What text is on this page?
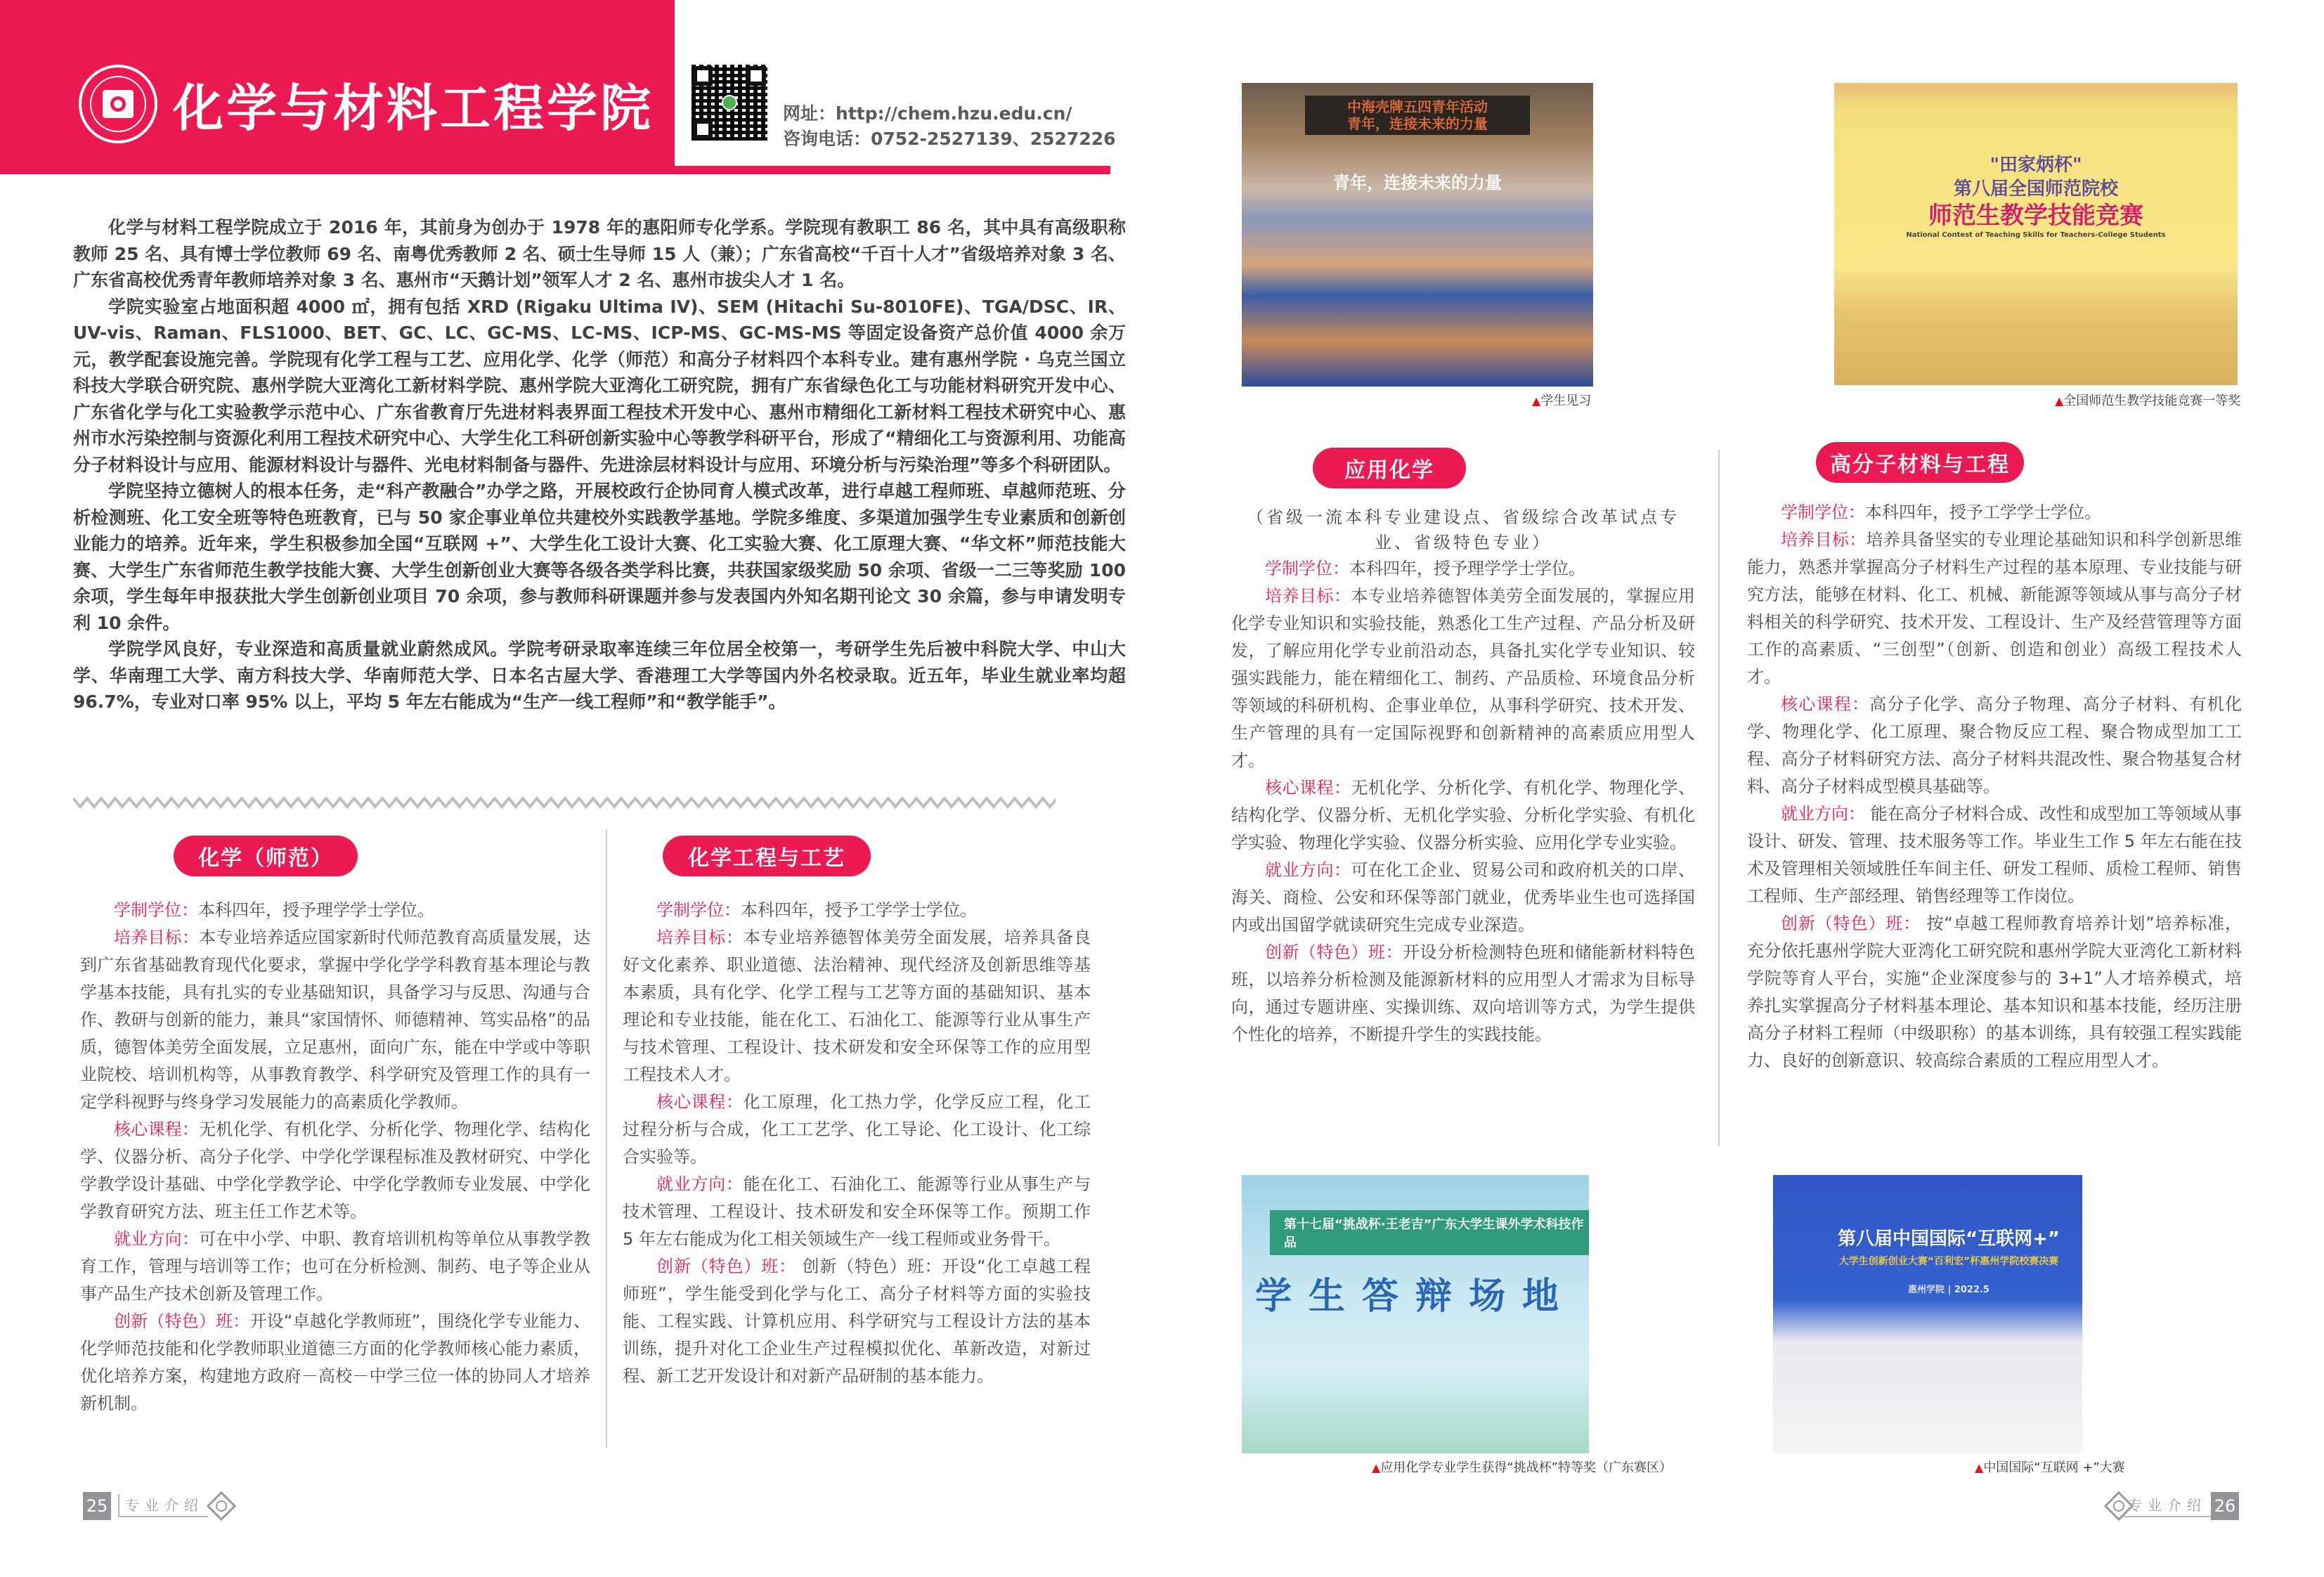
化学与材料工程学院	网址：http://chem.hzu.edu.cn/
咨询电话：0752-2527139、2527226

化学与材料工程学院成立于 2016 年，其前身为创办于 1978 年的惠阳师专化学系。学院现有教职工 86 名，其中具有高级职称教师 25 名、具有博士学位教师 69 名、南粤优秀教师 2 名、硕士生导师 15 人（兼）；广东省高校“千百十人才”省级培养对象 3 名、广东省高校优秀青年教师培养对象 3 名、惠州市“天鹅计划”领军人才 2 名、惠州市拔尖人才 1 名。

学院实验室占地面积超 4000 ㎡，拥有包括 XRD (Rigaku Ultima IV)、SEM (Hitachi Su-8010FE)、TGA/DSC、IR、UV-vis、Raman、FLS1000、BET、GC、LC、GC-MS、LC-MS、ICP-MS、GC-MS-MS 等固定设备资产总价值 4000 余万元，教学配套设施完善。学院现有化学工程与工艺、应用化学、化学（师范）和高分子材料四个本科专业。建有惠州学院 · 乌克兰国立科技大学联合研究院、惠州学院大亚湾化工新材料学院、惠州学院大亚湾化工研究院，拥有广东省绿色化工与功能材料研究开发中心、广东省化学与化工实验教学示范中心、广东省教育厅先进材料表界面工程技术开发中心、惠州市精细化工新材料工程技术研究中心、惠州市水污染控制与资源化利用工程技术研究中心、大学生化工科研创新实验中心等教学科研平台，形成了“精细化工与资源利用、功能高分子材料设计与应用、能源材料设计与器件、光电材料制备与器件、先进涂层材料设计与应用、环境分析与污染治理”等多个科研团队。

学院坚持立德树人的根本任务，走“科产教融合”办学之路，开展校政行企协同育人模式改革，进行卓越工程师班、卓越师范班、分析检测班、化工安全班等特色班教育，已与 50 家企事业单位共建校外实践教学基地。学院多维度、多渠道加强学生专业素质和创新创业能力的培养。近年来，学生积极参加全国“互联网 +”、大学生化工设计大赛、化工实验大赛、化工原理大赛、“华文杯”师范技能大赛、大学生广东省师范生教学技能大赛、大学生创新创业大赛等各级各类学科比赛，共获国家级奖励 50 余项、省级一二三等奖励 100 余项，学生每年申报获批大学生创新创业项目 70 余项，参与教师科研课题并参与发表国内外知名期刊论文 30 余篇，参与申请发明专利 10 余件。

学院学风良好，专业深造和高质量就业蔚然成风。学院考研录取率连续三年位居全校第一，考研学生先后被中科院大学、中山大学、华南理工大学、南方科技大学、华南师范大学、日本名古屋大学、香港理工大学等国内外名校录取。近五年，毕业生就业率均超 96.7%，专业对口率 95% 以上，平均 5 年左右能成为“生产一线工程师”和“教学能手”。

化学（师范）

学制学位：本科四年，授予理学学士学位。

培养目标：本专业培养适应国家新时代师范教育高质量发展，达到广东省基础教育现代化要求，掌握中学化学学科教育基本理论与教学基本技能，具有扎实的专业基础知识，具备学习与反思、沟通与合作、教研与创新的能力，兼具“家国情怀、师德精神、笃实品格”的品质，德智体美劳全面发展，立足惠州，面向广东，能在中学或中等职业院校、培训机构等，从事教育教学、科学研究及管理工作的具有一定学科视野与终身学习发展能力的高素质化学教师。

核心课程：无机化学、有机化学、分析化学、物理化学、结构化学、仪器分析、高分子化学、中学化学课程标准及教材研究、中学化学教学设计基础、中学化学教学论、中学化学教师专业发展、中学化学教育研究方法、班主任工作艺术等。

就业方向：可在中小学、中职、教育培训机构等单位从事教学教育工作，管理与培训等工作；也可在分析检测、制药、电子等企业从事产品生产技术创新及管理工作。

创新（特色）班：开设“卓越化学教师班”，围绕化学专业能力、化学师范技能和化学教师职业道德三方面的化学教师核心能力素质，优化培养方案，构建地方政府－高校－中学三位一体的协同人才培养新机制。

化学工程与工艺

学制学位：本科四年，授予工学学士学位。

培养目标：本专业培养德智体美劳全面发展，培养具备良好文化素养、职业道德、法治精神、现代经济及创新思维等基本素质，具有化学、化学工程与工艺等方面的基础知识、基本理论和专业技能，能在化工、石油化工、能源等行业从事生产与技术管理、工程设计、技术研发和安全环保等工作的应用型工程技术人才。

核心课程：化工原理，化工热力学，化学反应工程，化工过程分析与合成，化工工艺学、化工导论、化工设计、化工综合实验等。

就业方向：能在化工、石油化工、能源等行业从事生产与技术管理、工程设计、技术研发和安全环保等工作。预期工作 5 年左右能成为化工相关领域生产一线工程师或业务骨干。

创新（特色）班： 创新（特色）班：开设“化工卓越工程师班”，学生能受到化学与化工、高分子材料等方面的实验技能、工程实践、计算机应用、科学研究与工程设计方法的基本训练，提升对化工企业生产过程模拟优化、革新改造，对新过程、新工艺开发设计和对新产品研制的基本能力。

应用化学
（省级一流本科专业建设点、省级综合改革试点专业、省级特色专业）

学制学位：本科四年，授予理学学士学位。

培养目标：本专业培养德智体美劳全面发展的，掌握应用化学专业知识和实验技能，熟悉化工生产过程、产品分析及研发，了解应用化学专业前沿动态，具备扎实化学专业知识、较强实践能力，能在精细化工、制药、产品质检、环境食品分析等领域的科研机构、企事业单位，从事科学研究、技术开发、生产管理的具有一定国际视野和创新精神的高素质应用型人才。

核心课程：无机化学、分析化学、有机化学、物理化学、结构化学、仪器分析、无机化学实验、分析化学实验、有机化学实验、物理化学实验、仪器分析实验、应用化学专业实验。

就业方向：可在化工企业、贸易公司和政府机关的口岸、海关、商检、公安和环保等部门就业，优秀毕业生也可选择国内或出国留学就读研究生完成专业深造。

创新（特色）班：开设分析检测特色班和储能新材料特色班，以培养分析检测及能源新材料的应用型人才需求为目标导向，通过专题讲座、实操训练、双向培训等方式，为学生提供个性化的培养，不断提升学生的实践技能。

高分子材料与工程

学制学位：本科四年，授予工学学士学位。

培养目标：培养具备坚实的专业理论基础知识和科学创新思维能力，熟悉并掌握高分子材料生产过程的基本原理、专业技能与研究方法，能够在材料、化工、机械、新能源等领域从事与高分子材料相关的科学研究、技术开发、工程设计、生产及经营管理等方面工作的高素质、“三创型”（创新、创造和创业）高级工程技术人才。

核心课程：高分子化学、高分子物理、高分子材料、有机化学、物理化学、化工原理、聚合物反应工程、聚合物成型加工工程、高分子材料研究方法、高分子材料共混改性、聚合物基复合材料、高分子材料成型模具基础等。

就业方向： 能在高分子材料合成、改性和成型加工等领域从事设计、研发、管理、技术服务等工作。毕业生工作 5 年左右能在技术及管理相关领域胜任车间主任、研发工程师、质检工程师、销售工程师、生产部经理、销售经理等工作岗位。

创新（特色）班： 按“卓越工程师教育培养计划”培养标准，充分依托惠州学院大亚湾化工研究院和惠州学院大亚湾化工新材料学院等育人平台，实施“企业深度参与的 3+1”人才培养模式，培养扎实掌握高分子材料基本理论、基本知识和基本技能，经历注册高分子材料工程师（中级职称）的基本训练，具有较强工程实践能力、良好的创新意识、较高综合素质的工程应用型人才。

中海壳牌五四青年活动
青年，连接未来的力量
青年，连接未来的力量
▲学生见习
"田家炳杯"
第八届全国师范院校
师范生教学技能竞赛
National Contest of Teaching Skills for Teachers-College Students
▲全国师范生教学技能竞赛一等奖
第十七届“挑战杯·王老吉”广东大学生课外学术科技作品
学生答辩场地
▲应用化学专业学生获得“挑战杯”特等奖（广东赛区）
第八届中国国际“互联网+”
大学生创新创业大赛“百利宏”杯惠州学院校赛决赛
惠州学院 | 2022.5
▲中国国际“互联网 +”大赛
25	专业介绍	专业介绍 26
